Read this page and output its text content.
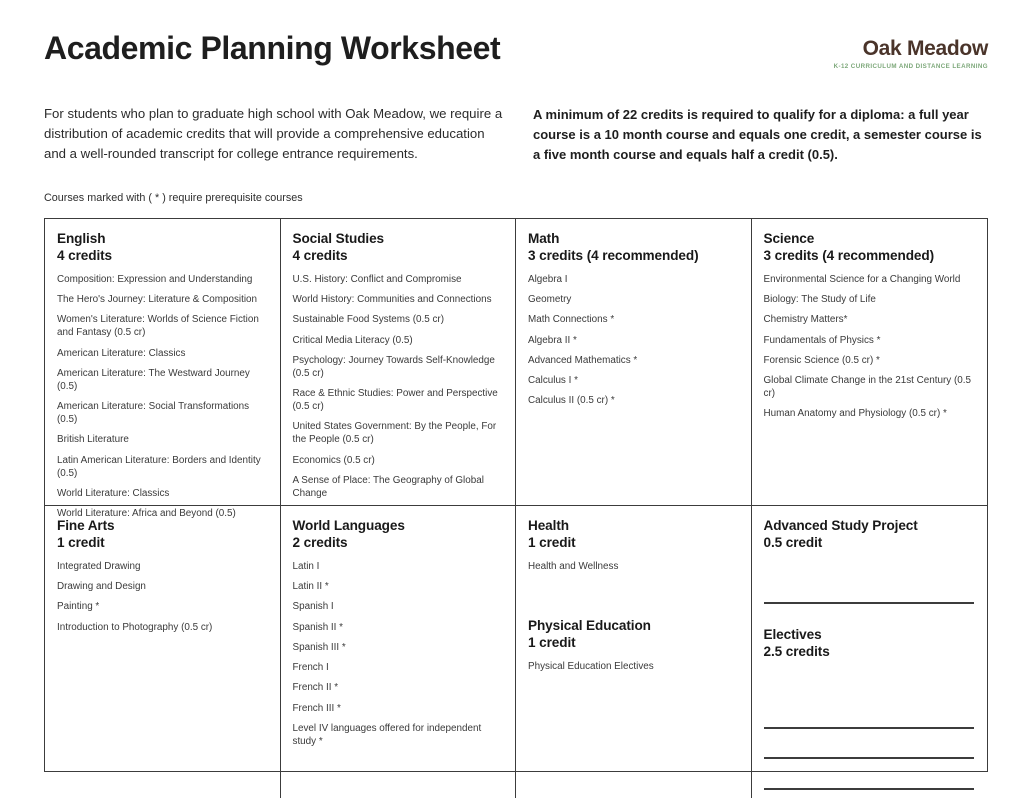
Academic Planning Worksheet	Oak Meadow
K-12 CURRICULUM AND DISTANCE LEARNING
For students who plan to graduate high school with Oak Meadow, we require a distribution of academic credits that will provide a comprehensive education and a well-rounded transcript for college entrance requirements.
A minimum of 22 credits is required to qualify for a diploma: a full year course is a 10 month course and equals one credit, a semester course is a five month course and equals half a credit (0.5).
Courses marked with ( * ) require prerequisite courses
English
4 credits
Composition: Expression and Understanding
The Hero's Journey: Literature & Composition
Women's Literature: Worlds of Science Fiction and Fantasy (0.5 cr)
American Literature: Classics
American Literature: The Westward Journey (0.5)
American Literature: Social Transformations (0.5)
British Literature
Latin American Literature: Borders and Identity (0.5)
World Literature: Classics
World Literature: Africa and Beyond (0.5)
Social Studies
4 credits
U.S. History: Conflict and Compromise
World History: Communities and Connections
Sustainable Food Systems (0.5 cr)
Critical Media Literacy (0.5)
Psychology: Journey Towards Self-Knowledge (0.5 cr)
Race & Ethnic Studies: Power and Perspective (0.5 cr)
United States Government: By the People, For the People (0.5 cr)
Economics (0.5 cr)
A Sense of Place: The Geography of Global Change
Math
3 credits (4 recommended)
Algebra I
Geometry
Math Connections *
Algebra II *
Advanced Mathematics *
Calculus I *
Calculus II (0.5 cr) *
Science
3 credits (4 recommended)
Environmental Science for a Changing World
Biology: The Study of Life
Chemistry Matters*
Fundamentals of Physics *
Forensic Science (0.5 cr) *
Global Climate Change in the 21st Century (0.5 cr)
Human Anatomy and Physiology (0.5 cr) *
Fine Arts
1 credit
Integrated Drawing
Drawing and Design
Painting *
Introduction to Photography (0.5 cr)
World Languages
2 credits
Latin I
Latin II *
Spanish I
Spanish II *
Spanish III *
French I
French II *
French III *
Level IV languages offered for independent study *
Health
1 credit
Health and Wellness
Physical Education
1 credit
Physical Education Electives
Advanced Study Project
0.5 credit
Electives
2.5 credits
